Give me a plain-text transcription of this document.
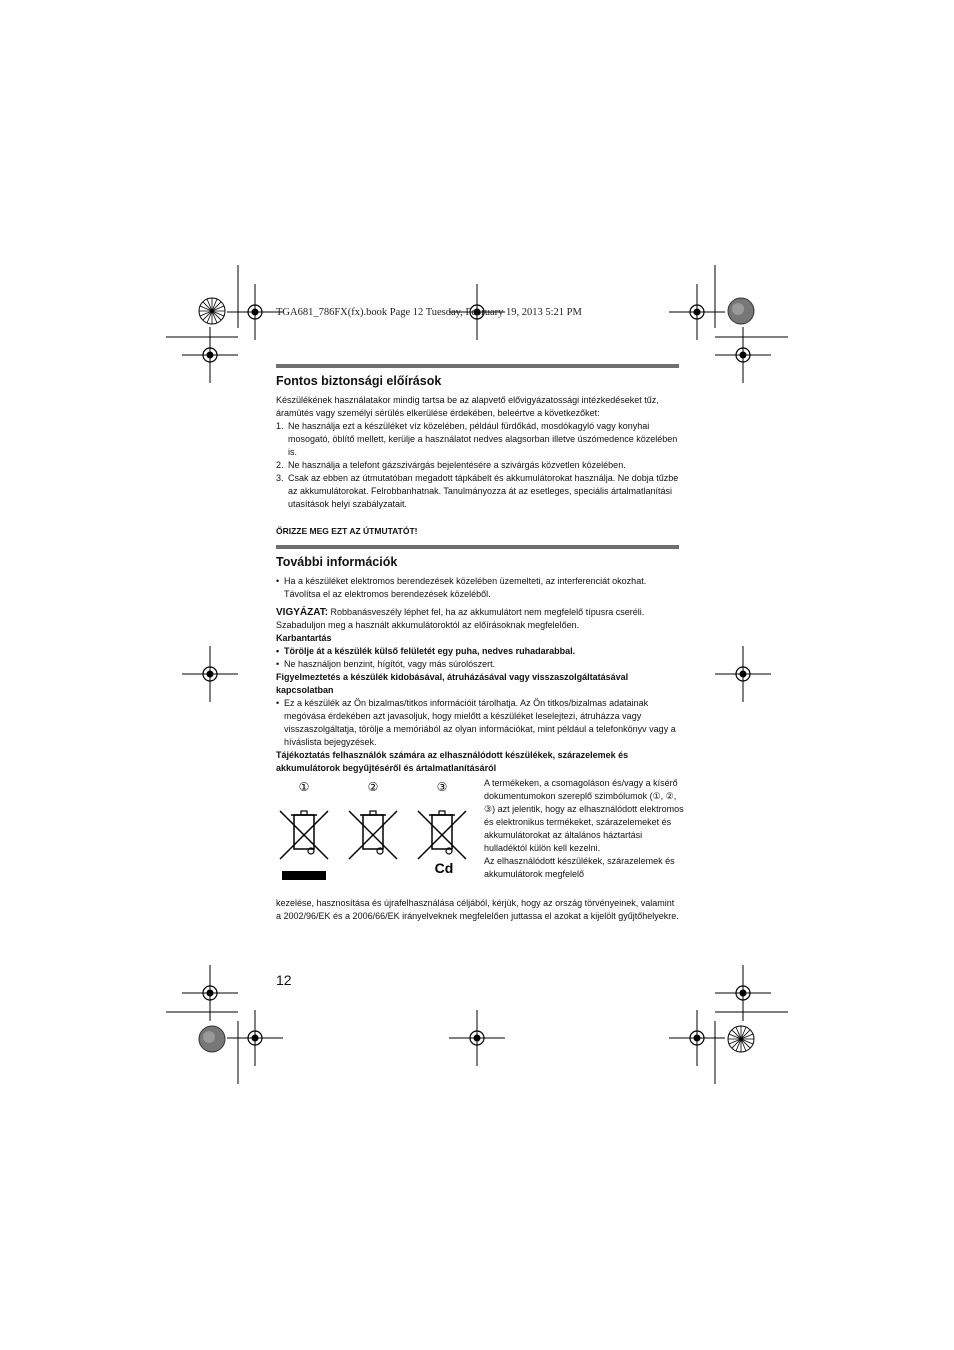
TGA681_786FX(fx).book Page 12 Tuesday, February 19, 2013 5:21 PM
Fontos biztonsági előírások

Készülékének használatakor mindig tartsa be az alapvető elővigyázatossági intézkedéseket tűz, áramütés vagy személyi sérülés elkerülése érdekében, beleértve a következőket:

1. Ne használja ezt a készüléket víz közelében, például fürdőkád, mosdókagyló vagy konyhai mosogató, öblítő mellett, kerülje a használatot nedves alagsorban illetve úszómedence közelében is.
2. Ne használja a telefont gázszivárgás bejelentésére a szivárgás közvetlen közelében.
3. Csak az ebben az útmutatóban megadott tápkábelt és akkumulátorokat használja. Ne dobja tűzbe az akkumulátorokat. Felrobbanhatnak. Tanulmányozza át az esetleges, speciális ártalmatlanítási utasítások helyi szabályzatait.
ŐRIZZE MEG EZT AZ ÚTMUTATÓT!
További információk

• Ha a készüléket elektromos berendezések közelében üzemelteti, az interferenciát okozhat. Távolítsa el az elektromos berendezések közeléből.

VIGYÁZAT: Robbanásveszély léphet fel, ha az akkumulátort nem megfelelő típusra cseréli. Szabaduljon meg a használt akkumulátoroktól az előírásoknak megfelelően.

Karbantartás

• Törölje át a készülék külső felületét egy puha, nedves ruhadarabbal.

• Ne használjon benzint, hígítót, vagy más súrolószert.

Figyelmeztetés a készülék kidobásával, átruházásával vagy visszaszolgáltatásával kapcsolatban

• Ez a készülék az Ön bizalmas/titkos információit tárolhatja. Az Ön titkos/bizalmas adatainak megóvása érdekében azt javasoljuk, hogy mielőtt a készüléket leselejtezi, átruházza vagy visszaszolgáltatja, törölje a memóriából az olyan információkat, mint például a telefonkönyv vagy a híváslista bejegyzések.

Tájékoztatás felhasználók számára az elhasználódott készülékek, szárazelemek és akkumulátorok begyűjtéséről és ártalmatlanításáról

①	②	③
Cd

A termékeken, a csomagoláson és/vagy a kísérő dokumentumokon szereplő szimbólumok (①, ②, ③) azt jelentik, hogy az elhasználódott elektromos és elektronikus termékeket, szárazelemeket és akkumulátorokat az általános háztartási hulladéktól külön kell kezelni.

Az elhasználódott készülékek, szárazelemek és akkumulátorok megfelelő

kezelése, hasznosítása és újrafelhasználása céljából, kérjük, hogy az ország törvényeinek, valamint a 2002/96/EK és a 2006/66/EK irányelveknek megfelelően juttassa el azokat a kijelölt gyűjtőhelyekre.

12
